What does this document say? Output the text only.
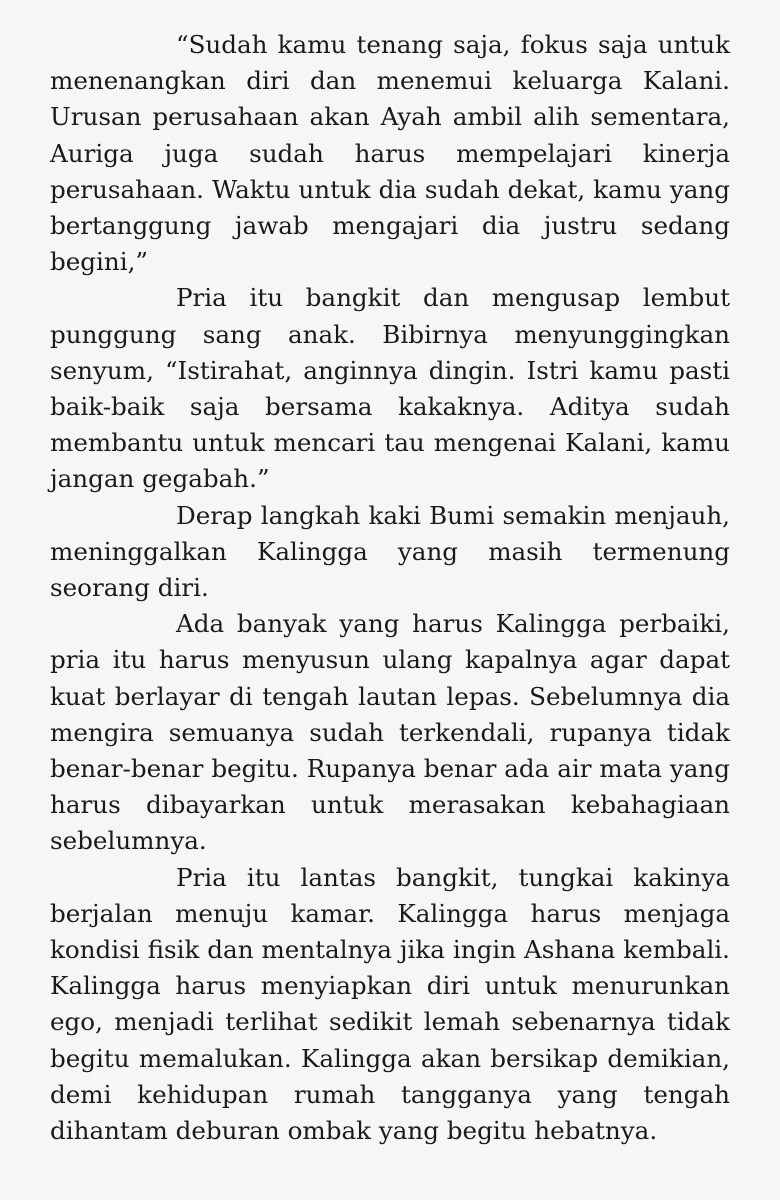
“Sudah kamu tenang saja, fokus saja untuk menenangkan diri dan menemui keluarga Kalani. Urusan perusahaan akan Ayah ambil alih sementara, Auriga juga sudah harus mempelajari kinerja perusahaan. Waktu untuk dia sudah dekat, kamu yang bertanggung jawab mengajari dia justru sedang begini,”

Pria itu bangkit dan mengusap lembut punggung sang anak. Bibirnya menyunggingkan senyum, “Istirahat, anginnya dingin. Istri kamu pasti baik-baik saja bersama kakaknya. Aditya sudah membantu untuk mencari tau mengenai Kalani, kamu jangan gegabah.”

Derap langkah kaki Bumi semakin menjauh, meninggalkan Kalingga yang masih termenung seorang diri.

Ada banyak yang harus Kalingga perbaiki, pria itu harus menyusun ulang kapalnya agar dapat kuat berlayar di tengah lautan lepas. Sebelumnya dia mengira semuanya sudah terkendali, rupanya tidak benar-benar begitu. Rupanya benar ada air mata yang harus dibayarkan untuk merasakan kebahagiaan sebelumnya.

Pria itu lantas bangkit, tungkai kakinya berjalan menuju kamar. Kalingga harus menjaga kondisi fisik dan mentalnya jika ingin Ashana kembali. Kalingga harus menyiapkan diri untuk menurunkan ego, menjadi terlihat sedikit lemah sebenarnya tidak begitu memalukan. Kalingga akan bersikap demikian, demi kehidupan rumah tangganya yang tengah dihantam deburan ombak yang begitu hebatnya.
